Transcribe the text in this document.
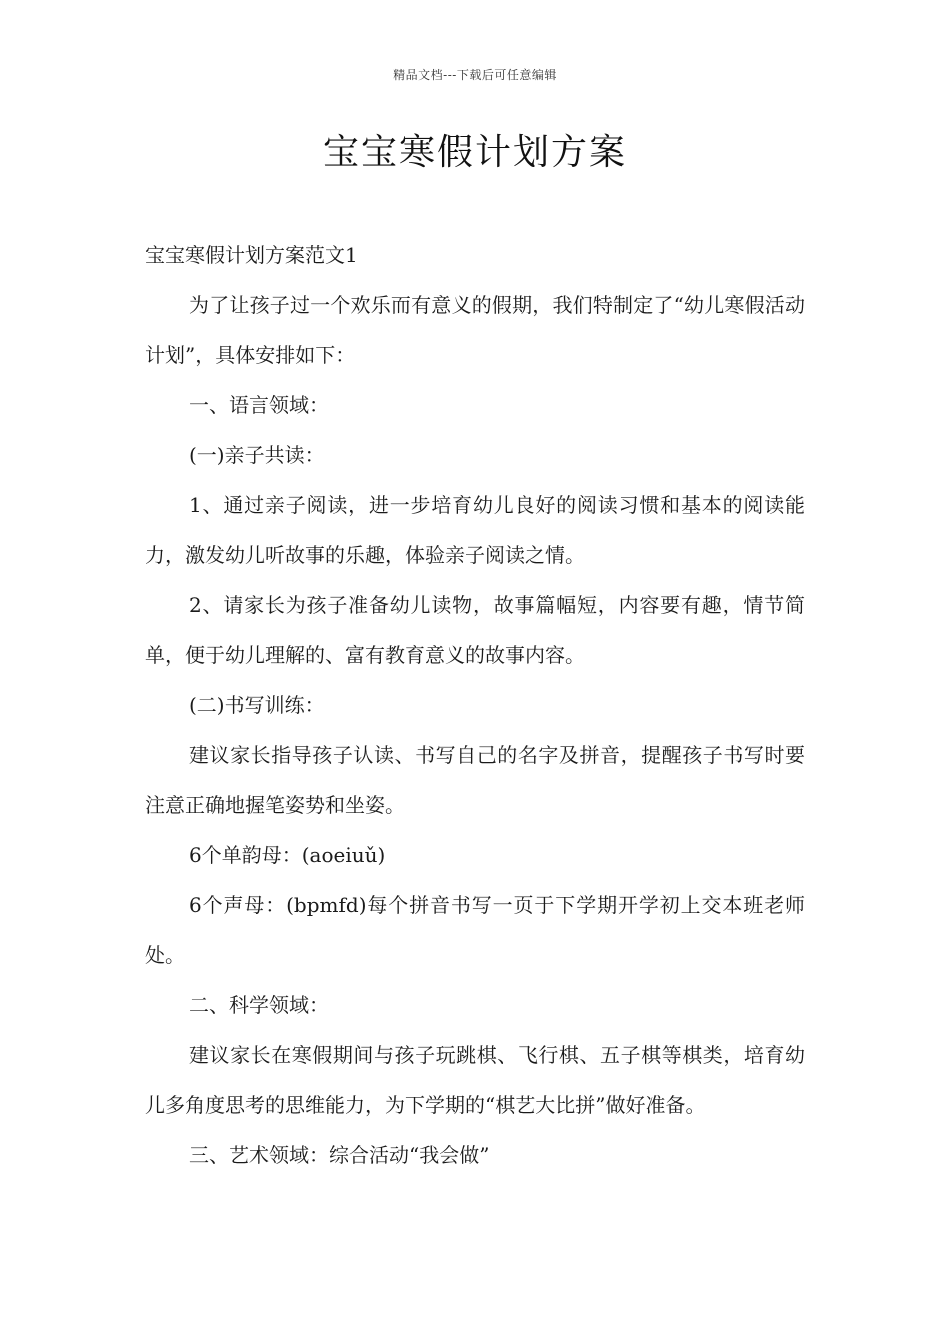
精品文档---下载后可任意编辑
宝宝寒假计划方案

宝宝寒假计划方案范文1

为了让孩子过一个欢乐而有意义的假期，我们特制定了“幼儿寒假活动计划”，具体安排如下：

一、语言领域：

(一)亲子共读：

1、通过亲子阅读，进一步培育幼儿良好的阅读习惯和基本的阅读能力，激发幼儿听故事的乐趣，体验亲子阅读之情。

2、请家长为孩子准备幼儿读物，故事篇幅短，内容要有趣，情节简单，便于幼儿理解的、富有教育意义的故事内容。

(二)书写训练：

建议家长指导孩子认读、书写自己的名字及拼音，提醒孩子书写时要注意正确地握笔姿势和坐姿。

6个单韵母：(aoeiuǔ)

6个声母：(bpmfd)每个拼音书写一页于下学期开学初上交本班老师处。

二、科学领域：

建议家长在寒假期间与孩子玩跳棋、飞行棋、五子棋等棋类，培育幼儿多角度思考的思维能力，为下学期的“棋艺大比拼”做好准备。

三、艺术领域：综合活动“我会做”
